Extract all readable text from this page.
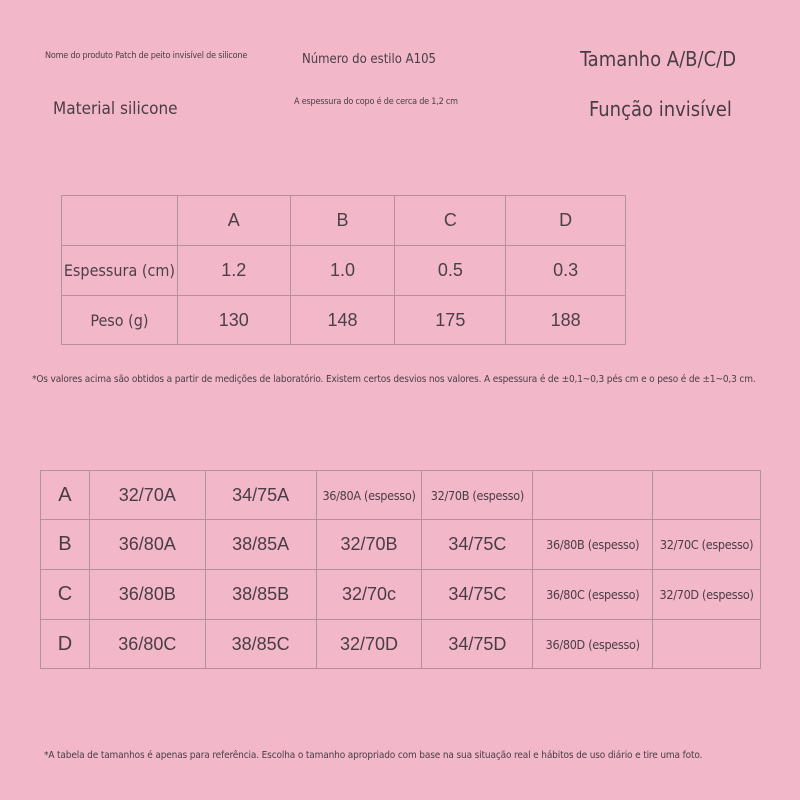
Nome do produto Patch de peito invisível de silicone	Número do estilo A105	Tamanho A/B/C/D
Material silicone	A espessura do copo é de cerca de 1,2 cm	Função invisível
	A	B	C	D
Espessura (cm)	1.2	1.0	0.5	0.3
Peso (g)	130	148	175	188
*Os valores acima são obtidos a partir de medições de laboratório. Existem certos desvios nos valores. A espessura é de ±0,1~0,3 pés cm e o peso é de ±1~0,3 cm.
A	32/70A	34/75A	36/80A (espesso)	32/70B (espesso)		
B	36/80A	38/85A	32/70B	34/75C	36/80B (espesso)	32/70C (espesso)
C	36/80B	38/85B	32/70c	34/75C	36/80C (espesso)	32/70D (espesso)
D	36/80C	38/85C	32/70D	34/75D	36/80D (espesso)	
*A tabela de tamanhos é apenas para referência. Escolha o tamanho apropriado com base na sua situação real e hábitos de uso diário e tire uma foto.
